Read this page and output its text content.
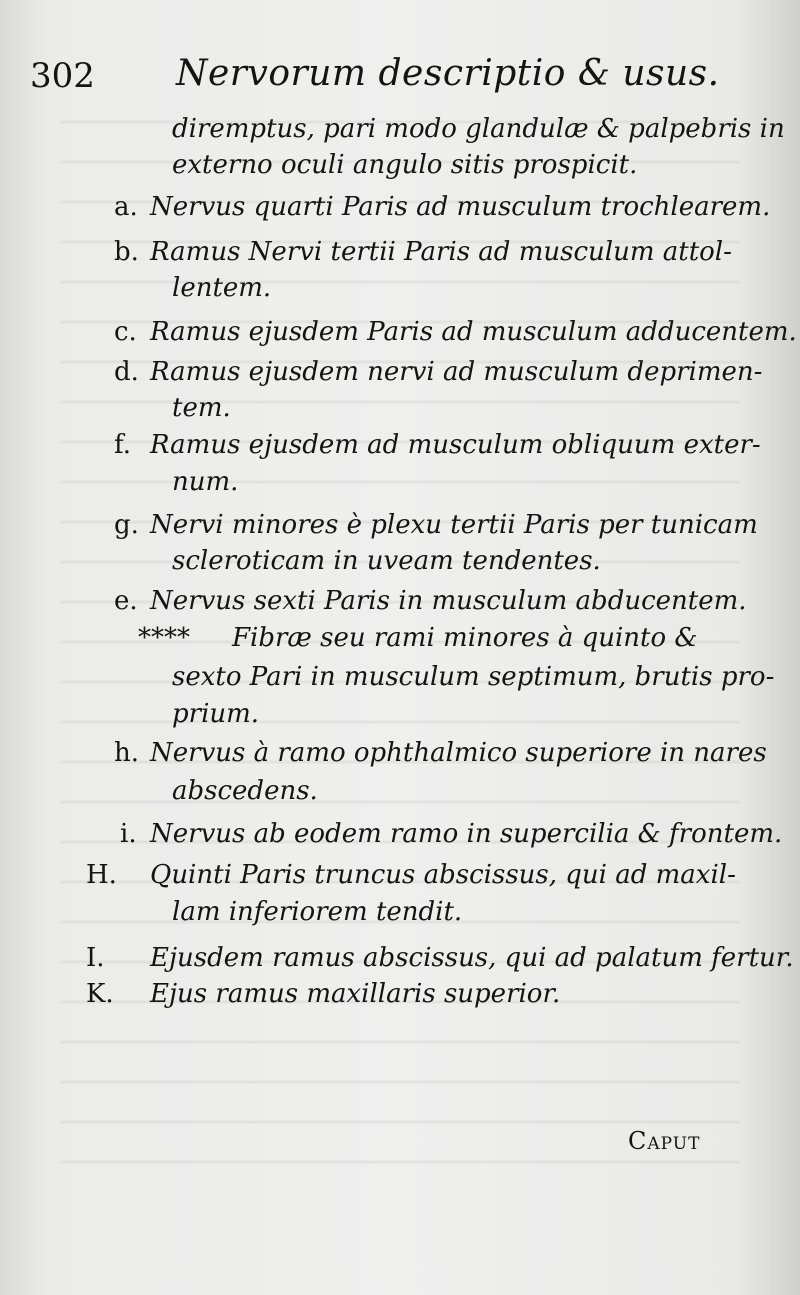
302 Nervorum descriptio & usus.
diremptus, pari modo glandulæ & palpebris in
externo oculi angulo sitis prospicit.
a. Nervus quarti Paris ad musculum trochlearem.
b. Ramus Nervi tertii Paris ad musculum attol-
lentem.
c. Ramus ejusdem Paris ad musculum adducentem.
d. Ramus ejusdem nervi ad musculum deprimen-
tem.
f. Ramus ejusdem ad musculum obliquum exter-
num.
g. Nervi minores è plexu tertii Paris per tunicam
scleroticam in uveam tendentes.
e. Nervus sexti Paris in musculum abducentem.
**** Fibræ seu rami minores à quinto &
sexto Pari in musculum septimum, brutis pro-
prium.
h. Nervus à ramo ophthalmico superiore in nares
abscedens.
i. Nervus ab eodem ramo in supercilia & frontem.
H. Quinti Paris truncus abscissus, qui ad maxil-
lam inferiorem tendit.
I. Ejusdem ramus abscissus, qui ad palatum fertur.
K. Ejus ramus maxillaris superior.
Caput
